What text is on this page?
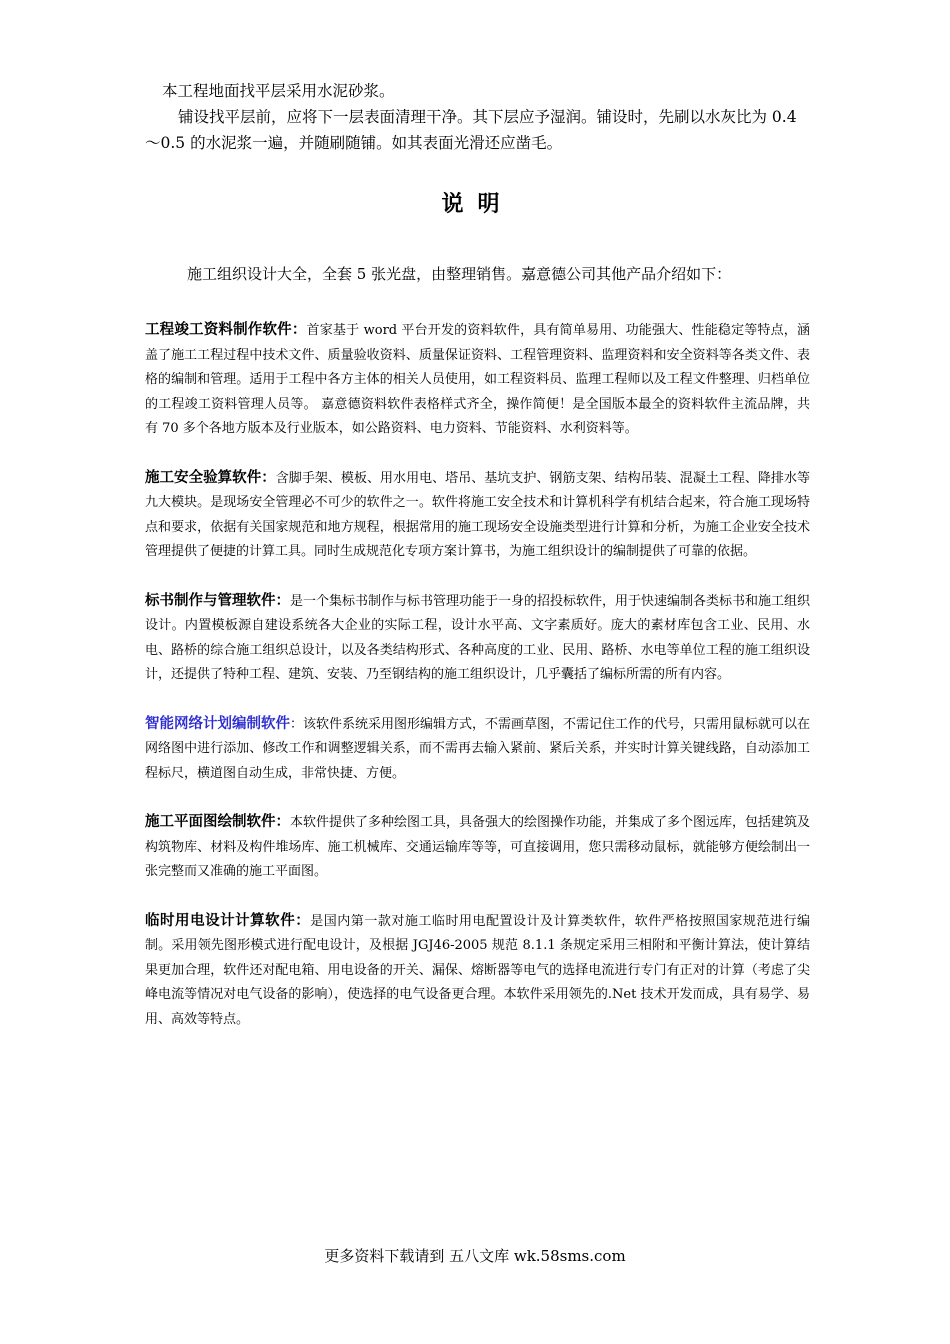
本工程地面找平层采用水泥砂浆。

铺设找平层前，应将下一层表面清理干净。其下层应予湿润。铺设时，先刷以水灰比为 0.4～0.5 的水泥浆一遍，并随刷随铺。如其表面光滑还应凿毛。

说明

施工组织设计大全，全套 5 张光盘，由整理销售。嘉意德公司其他产品介绍如下：

工程竣工资料制作软件：首家基于 word 平台开发的资料软件，具有简单易用、功能强大、性能稳定等特点，涵盖了施工工程过程中技术文件、质量验收资料、质量保证资料、工程管理资料、监理资料和安全资料等各类文件、表格的编制和管理。适用于工程中各方主体的相关人员使用，如工程资料员、监理工程师以及工程文件整理、归档单位的工程竣工资料管理人员等。 嘉意德资料软件表格样式齐全，操作简便！是全国版本最全的资料软件主流品牌，共有 70 多个各地方版本及行业版本，如公路资料、电力资料、节能资料、水利资料等。

施工安全验算软件：含脚手架、模板、用水用电、塔吊、基坑支护、钢筋支架、结构吊装、混凝土工程、降排水等九大模块。是现场安全管理必不可少的软件之一。软件将施工安全技术和计算机科学有机结合起来，符合施工现场特点和要求，依据有关国家规范和地方规程，根据常用的施工现场安全设施类型进行计算和分析，为施工企业安全技术管理提供了便捷的计算工具。同时生成规范化专项方案计算书，为施工组织设计的编制提供了可靠的依据。

标书制作与管理软件：是一个集标书制作与标书管理功能于一身的招投标软件，用于快速编制各类标书和施工组织设计。内置模板源自建设系统各大企业的实际工程，设计水平高、文字素质好。庞大的素材库包含工业、民用、水电、路桥的综合施工组织总设计，以及各类结构形式、各种高度的工业、民用、路桥、水电等单位工程的施工组织设计，还提供了特种工程、建筑、安装、乃至钢结构的施工组织设计，几乎囊括了编标所需的所有内容。

智能网络计划编制软件：该软件系统采用图形编辑方式，不需画草图，不需记住工作的代号，只需用鼠标就可以在网络图中进行添加、修改工作和调整逻辑关系，而不需再去输入紧前、紧后关系，并实时计算关键线路，自动添加工程标尺，横道图自动生成，非常快捷、方便。

施工平面图绘制软件：本软件提供了多种绘图工具，具备强大的绘图操作功能，并集成了多个图远库，包括建筑及构筑物库、材料及构件堆场库、施工机械库、交通运输库等等，可直接调用，您只需移动鼠标，就能够方便绘制出一张完整而又准确的施工平面图。

临时用电设计计算软件：是国内第一款对施工临时用电配置设计及计算类软件，软件严格按照国家规范进行编制。采用领先图形模式进行配电设计，及根据 JGJ46-2005 规范 8.1.1 条规定采用三相附和平衡计算法，使计算结果更加合理，软件还对配电箱、用电设备的开关、漏保、熔断器等电气的选择电流进行专门有正对的计算（考虑了尖峰电流等情况对电气设备的影响），使选择的电气设备更合理。本软件采用领先的.Net 技术开发而成，具有易学、易用、高效等特点。

更多资料下载请到 五八文库 wk.58sms.com
